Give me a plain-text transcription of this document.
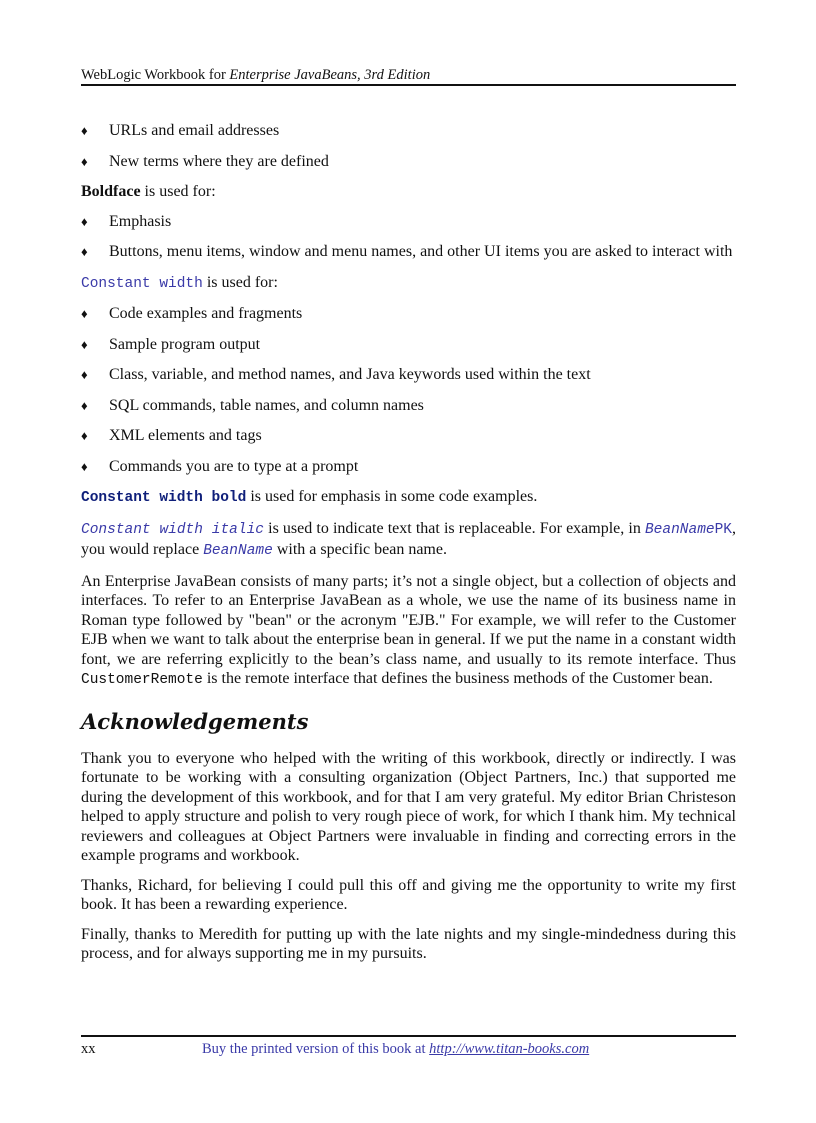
WebLogic Workbook for Enterprise JavaBeans, 3rd Edition
♦ URLs and email addresses
♦ New terms where they are defined

Boldface is used for:

♦ Emphasis
♦ Buttons, menu items, window and menu names, and other UI items you are asked to interact with

Constant width is used for:

♦ Code examples and fragments
♦ Sample program output
♦ Class, variable, and method names, and Java keywords used within the text
♦ SQL commands, table names, and column names
♦ XML elements and tags
♦ Commands you are to type at a prompt

Constant width bold is used for emphasis in some code examples.

Constant width italic is used to indicate text that is replaceable. For example, in BeanNamePK, you would replace BeanName with a specific bean name.

An Enterprise JavaBean consists of many parts; it’s not a single object, but a collection of objects and interfaces. To refer to an Enterprise JavaBean as a whole, we use the name of its business name in Roman type followed by "bean" or the acronym "EJB." For example, we will refer to the Customer EJB when we want to talk about the enterprise bean in general. If we put the name in a constant width font, we are referring explicitly to the bean’s class name, and usually to its remote interface. Thus CustomerRemote is the remote interface that defines the business methods of the Customer bean.

Acknowledgements

Thank you to everyone who helped with the writing of this workbook, directly or indirectly. I was fortunate to be working with a consulting organization (Object Partners, Inc.) that supported me during the development of this workbook, and for that I am very grateful. My editor Brian Christeson helped to apply structure and polish to very rough piece of work, for which I thank him. My technical reviewers and colleagues at Object Partners were invaluable in finding and correcting errors in the example programs and workbook.

Thanks, Richard, for believing I could pull this off and giving me the opportunity to write my first book. It has been a rewarding experience.

Finally, thanks to Meredith for putting up with the late nights and my single-mindedness during this process, and for always supporting me in my pursuits.

xx	Buy the printed version of this book at http://www.titan-books.com
